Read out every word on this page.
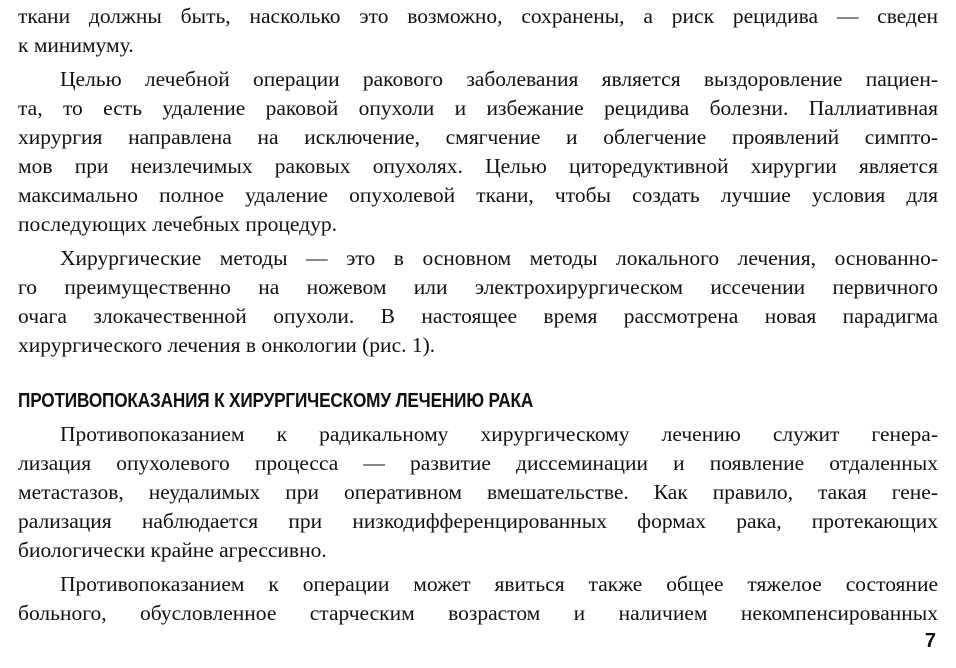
ткани должны быть, насколько это возможно, сохранены, а риск рецидива — сведен
к минимуму.
Целью лечебной операции ракового заболевания является выздоровление пациен-
та, то есть удаление раковой опухоли и избежание рецидива болезни. Паллиативная
хирургия направлена на исключение, смягчение и облегчение проявлений симпто-
мов при неизлечимых раковых опухолях. Целью циторедуктивной хирургии является
максимально полное удаление опухолевой ткани, чтобы создать лучшие условия для
последующих лечебных процедур.
Хирургические методы — это в основном методы локального лечения, основанно-
го преимущественно на ножевом или электрохирургическом иссечении первичного
очага злокачественной опухоли. В настоящее время рассмотрена новая парадигма
хирургического лечения в онкологии (рис. 1).
ПРОТИВОПОКАЗАНИЯ К ХИРУРГИЧЕСКОМУ ЛЕЧЕНИЮ РАКА
Противопоказанием к радикальному хирургическому лечению служит генера-
лизация опухолевого процесса — развитие диссеминации и появление отдаленных
метастазов, неудалимых при оперативном вмешательстве. Как правило, такая гене-
рализация наблюдается при низкодифференцированных формах рака, протекающих
биологически крайне агрессивно.
Противопоказанием к операции может явиться также общее тяжелое состояние
больного, обусловленное старческим возрастом и наличием некомпенсированных
7
